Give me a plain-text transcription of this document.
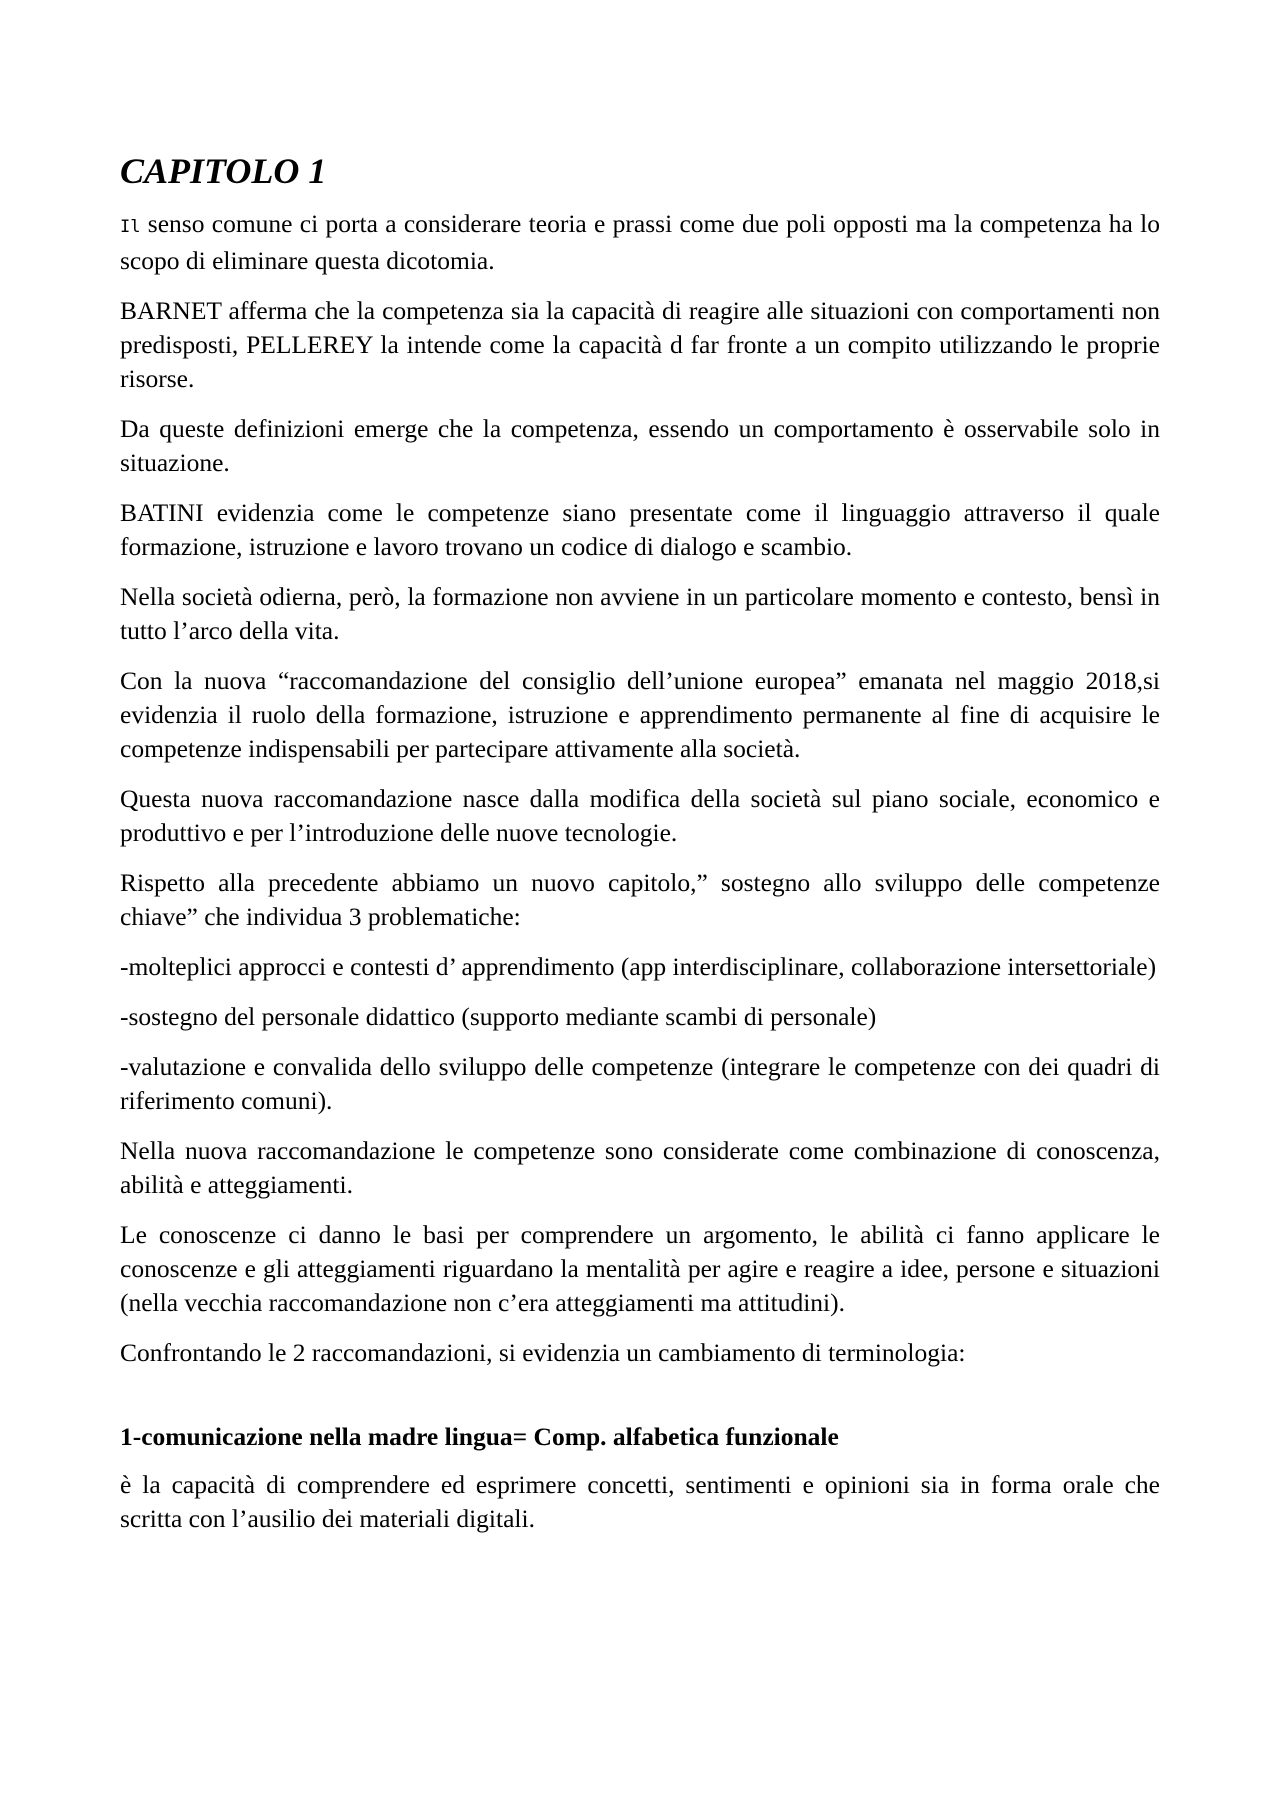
CAPITOLO 1

Il senso comune ci porta a considerare teoria e prassi come due poli opposti ma la competenza ha lo scopo di eliminare questa dicotomia.

BARNET afferma che la competenza sia la capacità di reagire alle situazioni con comportamenti non predisposti, PELLEREY la intende come la capacità d far fronte a un compito utilizzando le proprie risorse.

Da queste definizioni emerge che la competenza, essendo un comportamento è osservabile solo in situazione.

BATINI evidenzia come le competenze siano presentate come il linguaggio attraverso il quale formazione, istruzione e lavoro trovano un codice di dialogo e scambio.

Nella società odierna, però, la formazione non avviene in un particolare momento e contesto, bensì in tutto l’arco della vita.

Con la nuova “raccomandazione del consiglio dell’unione europea” emanata nel maggio 2018,si evidenzia il ruolo della formazione, istruzione e apprendimento permanente al fine di acquisire le competenze indispensabili per partecipare attivamente alla società.

Questa nuova raccomandazione nasce dalla modifica della società sul piano sociale, economico e produttivo e per l’introduzione delle nuove tecnologie.

Rispetto alla precedente abbiamo un nuovo capitolo,” sostegno allo sviluppo delle competenze chiave” che individua 3 problematiche:

-molteplici approcci e contesti d’ apprendimento (app interdisciplinare, collaborazione intersettoriale)

-sostegno del personale didattico (supporto mediante scambi di personale)

-valutazione e convalida dello sviluppo delle competenze (integrare le competenze con dei quadri di riferimento comuni).

Nella nuova raccomandazione le competenze sono considerate come combinazione di conoscenza, abilità e atteggiamenti.

Le conoscenze ci danno le basi per comprendere un argomento, le abilità ci fanno applicare le conoscenze e gli atteggiamenti riguardano la mentalità per agire e reagire a idee, persone e situazioni (nella vecchia raccomandazione non c’era atteggiamenti ma attitudini).

Confrontando le 2 raccomandazioni, si evidenzia un cambiamento di terminologia:

1-comunicazione nella madre lingua= Comp. alfabetica funzionale

è la capacità di comprendere ed esprimere concetti, sentimenti e opinioni sia in forma orale che scritta con l’ausilio dei materiali digitali.
